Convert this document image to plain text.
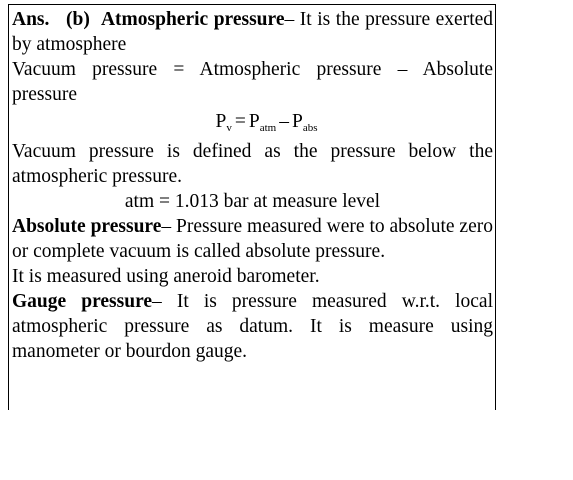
Ans. (b) Atmospheric pressure– It is the pressure exerted by atmosphere

Vacuum pressure = Atmospheric pressure – Absolute pressure

$P_v = P_{atm} - P_{abs}$

Vacuum pressure is defined as the pressure below the atmospheric pressure.

atm = 1.013 bar at measure level

Absolute pressure– Pressure measured were to absolute zero or complete vacuum is called absolute pressure.

It is measured using aneroid barometer.

Gauge pressure– It is pressure measured w.r.t. local atmospheric pressure as datum. It is measure using manometer or bourdon gauge.
